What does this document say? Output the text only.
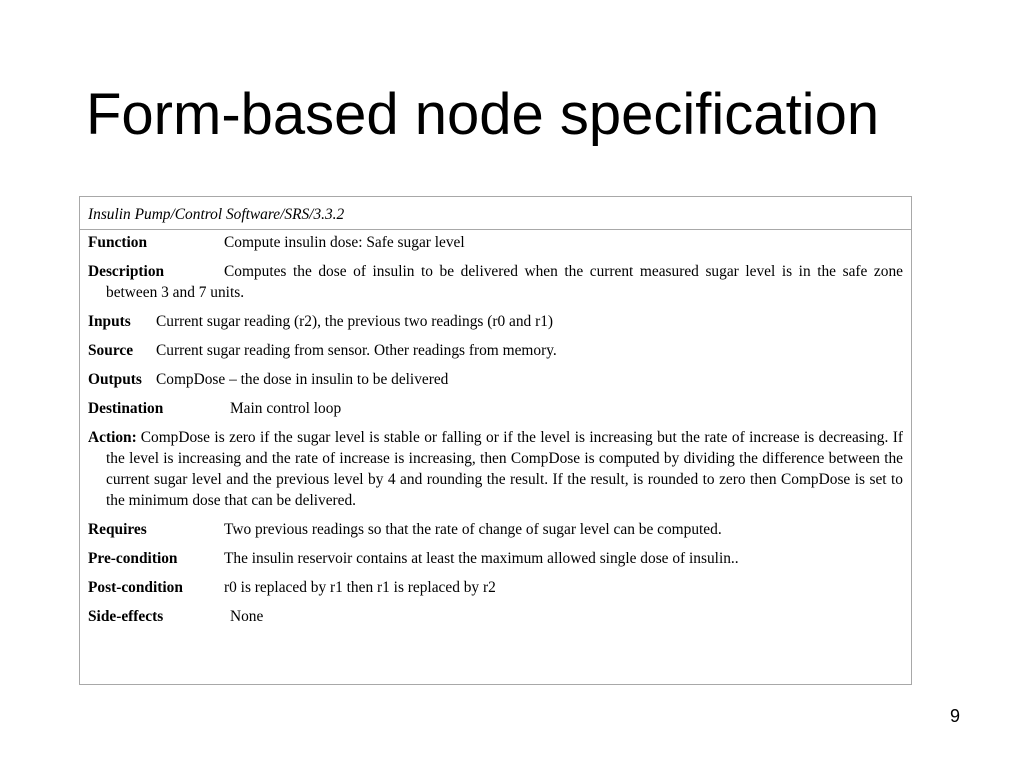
Form-based node specification
Insulin Pump/Control Software/SRS/3.3.2
Function	Compute insulin dose: Safe sugar level
Description	Computes the dose of insulin to be delivered when the current measured sugar level is in the safe zone between 3 and 7 units.
Inputs Current sugar reading (r2), the previous two readings (r0 and r1)
Source Current sugar reading from sensor. Other readings from memory.
Outputs CompDose – the dose in insulin to be delivered
Destination	Main control loop
Action: CompDose is zero if the sugar level is stable or falling or if the level is increasing but the rate of increase is decreasing. If the level is increasing and the rate of increase is increasing, then CompDose is computed by dividing the difference between the current sugar level and the previous level by 4 and rounding the result. If the result, is rounded to zero then CompDose is set to the minimum dose that can be delivered.
Requires	Two previous readings so that the rate of change of sugar level can be computed.
Pre-condition	The insulin reservoir contains at least the maximum allowed single dose of insulin..
Post-condition	r0 is replaced by r1 then r1 is replaced by r2
Side-effects	None
9
